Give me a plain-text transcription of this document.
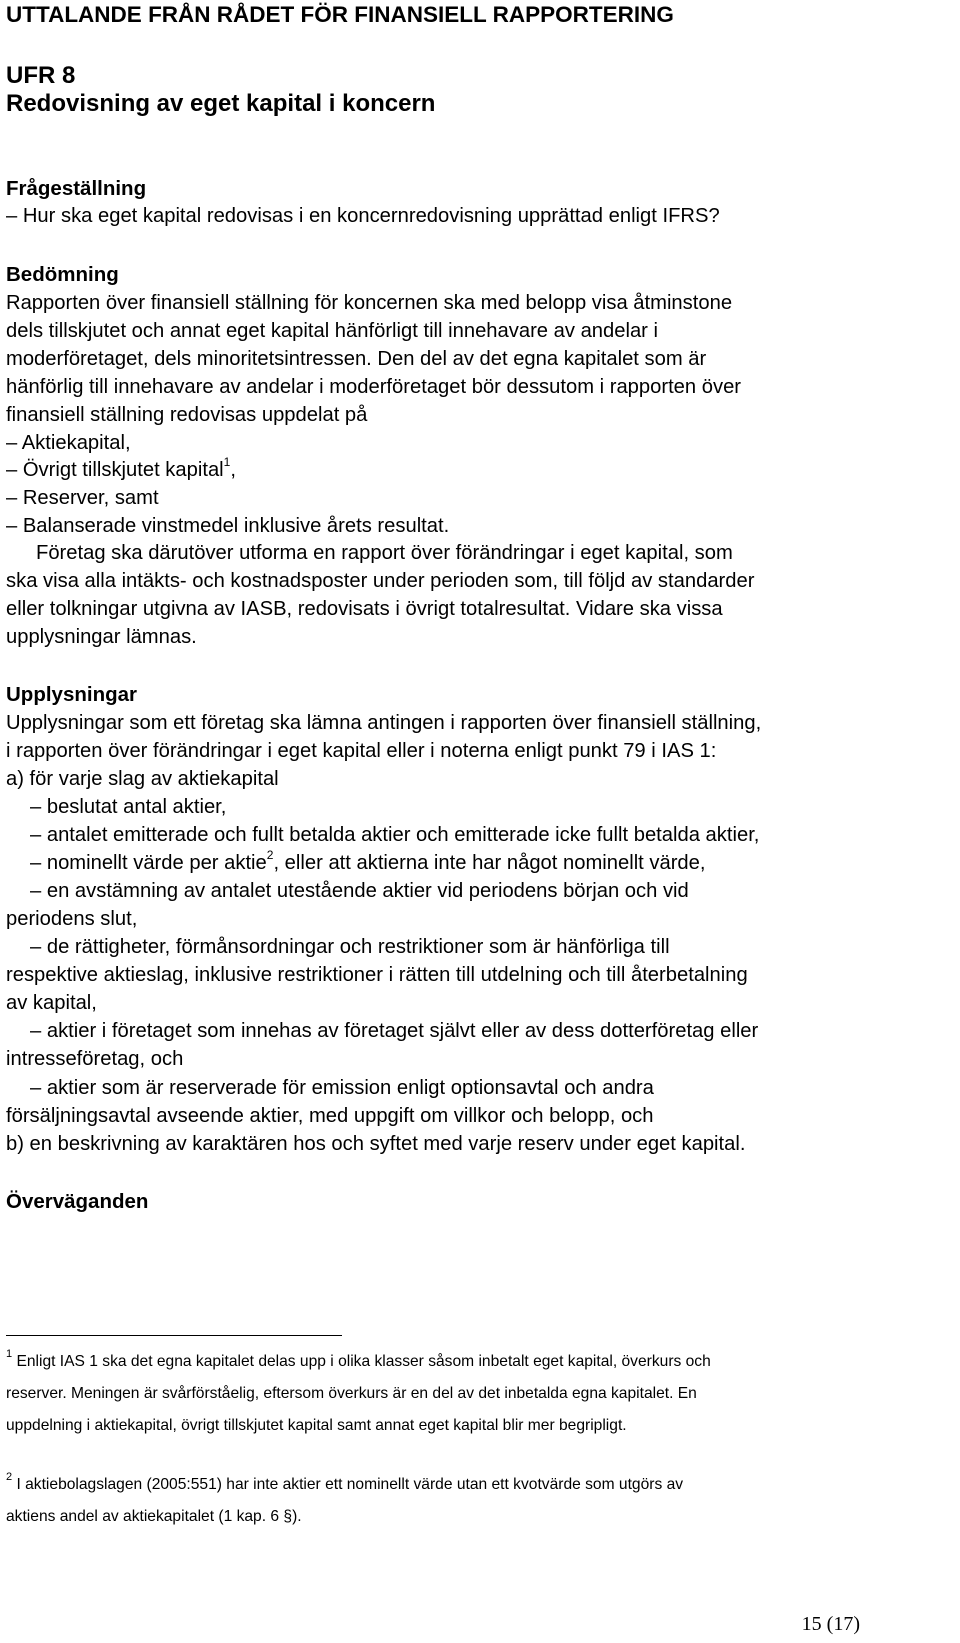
UTTALANDE FRÅN RÅDET FÖR FINANSIELL RAPPORTERING
UFR 8
Redovisning av eget kapital i koncern
Frågeställning
– Hur ska eget kapital redovisas i en koncernredovisning upprättad enligt IFRS?
Bedömning
Rapporten över finansiell ställning för koncernen ska med belopp visa åtminstone
dels tillskjutet och annat eget kapital hänförligt till innehavare av andelar i
moderföretaget, dels minoritetsintressen. Den del av det egna kapitalet som är
hänförlig till innehavare av andelar i moderföretaget bör dessutom i rapporten över
finansiell ställning redovisas uppdelat på
– Aktiekapital,
– Övrigt tillskjutet kapital$^1$,
– Reserver, samt
– Balanserade vinstmedel inklusive årets resultat.
Företag ska därutöver utforma en rapport över förändringar i eget kapital, som
ska visa alla intäkts- och kostnadsposter under perioden som, till följd av standarder
eller tolkningar utgivna av IASB, redovisats i övrigt totalresultat. Vidare ska vissa
upplysningar lämnas.
Upplysningar
Upplysningar som ett företag ska lämna antingen i rapporten över finansiell ställning,
i rapporten över förändringar i eget kapital eller i noterna enligt punkt 79 i IAS 1:
a) för varje slag av aktiekapital
– beslutat antal aktier,
– antalet emitterade och fullt betalda aktier och emitterade icke fullt betalda aktier,
– nominellt värde per aktie$^2$, eller att aktierna inte har något nominellt värde,
– en avstämning av antalet utestående aktier vid periodens början och vid
periodens slut,
– de rättigheter, förmånsordningar och restriktioner som är hänförliga till
respektive aktieslag, inklusive restriktioner i rätten till utdelning och till återbetalning
av kapital,
– aktier i företaget som innehas av företaget självt eller av dess dotterföretag eller
intresseföretag, och
– aktier som är reserverade för emission enligt optionsavtal och andra
försäljningsavtal avseende aktier, med uppgift om villkor och belopp, och
b) en beskrivning av karaktären hos och syftet med varje reserv under eget kapital.
Överväganden
$^1$ Enligt IAS 1 ska det egna kapitalet delas upp i olika klasser såsom inbetalt eget kapital, överkurs och
reserver. Meningen är svårförståelig, eftersom överkurs är en del av det inbetalda egna kapitalet. En
uppdelning i aktiekapital, övrigt tillskjutet kapital samt annat eget kapital blir mer begripligt.
$^2$ I aktiebolagslagen (2005:551) har inte aktier ett nominellt värde utan ett kvotvärde som utgörs av
aktiens andel av aktiekapitalet (1 kap. 6 §).
15 (17)
